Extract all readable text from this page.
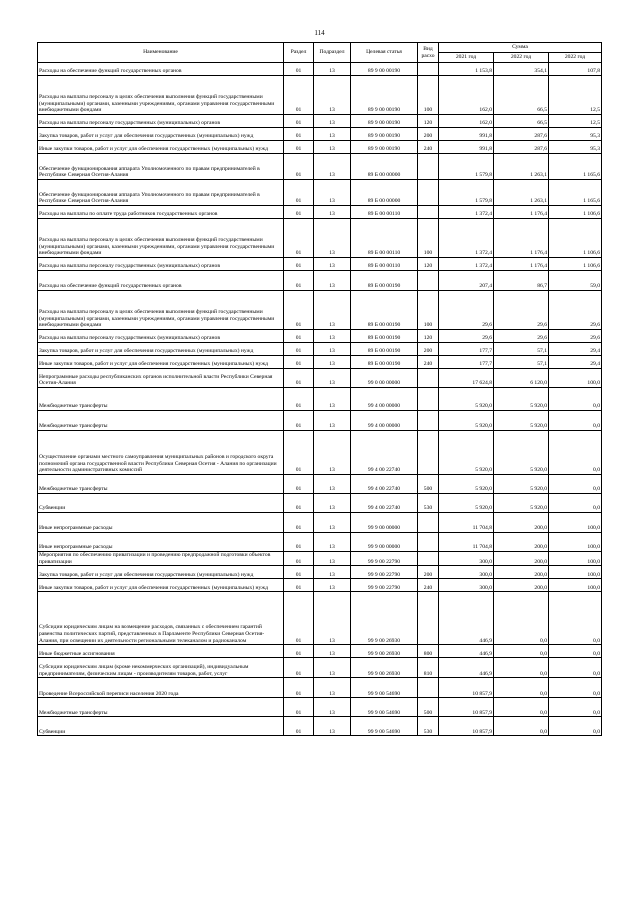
114
Наименование	Раздел	Подраздел	Целевая статья	Вид расхо	Сумма		
					2021 год	2022 год	2022 год
Расходы на обеспечение функций государственных органов	01	13	89 9 00 00190		1 153,8	354,1	107,8
Расходы на выплаты персоналу в целях обеспечения выполнения функций государственными (муниципальными) органами, казенными учреждениями, органами управления государственными внебюджетными фондами	01	13	89 9 00 00190	100	162,0	66,5	12,5
Расходы на выплаты персоналу государственных (муниципальных) органов	01	13	89 9 00 00190	120	162,0	66,5	12,5
Закупка товаров, работ и услуг для обеспечения государственных (муниципальных) нужд	01	13	89 9 00 00190	200	991,8	287,6	95,3
Иные закупки товаров, работ и услуг для обеспечения государственных (муниципальных) нужд	01	13	89 9 00 00190	240	991,8	287,6	95,3
Обеспечение функционирования аппарата Уполномоченного по правам предпринимателей в Республике Северная Осетия-Алания	01	13	89 Б 00 00000		1 579,8	1 263,1	1 165,6
Обеспечение функционирования аппарата Уполномоченного по правам предпринимателей в Республике Северная Осетия-Алания	01	13	89 Б 00 00000		1 579,8	1 263,1	1 165,6
Расходы на выплаты по оплате труда работников государственных органов	01	13	89 Б 00 00110		1 372,4	1 176,4	1 106,6
Расходы на выплаты персоналу в целях обеспечения выполнения функций государственными (муниципальными) органами, казенными учреждениями, органами управления государственными внебюджетными фондами	01	13	89 Б 00 00110	100	1 372,4	1 176,4	1 106,6
Расходы на выплаты персоналу государственных (муниципальных) органов	01	13	89 Б 00 00110	120	1 372,4	1 176,4	1 106,6
Расходы на обеспечение функций государственных органов	01	13	89 Б 00 00190		207,4	86,7	59,0
Расходы на выплаты персоналу в целях обеспечения выполнения функций государственными (муниципальными) органами, казенными учреждениями, органами управления государственными внебюджетными фондами	01	13	89 Б 00 00190	100	29,6	29,6	29,6
Расходы на выплаты персоналу государственных (муниципальных) органов	01	13	89 Б 00 00190	120	29,6	29,6	29,6
Закупка товаров, работ и услуг для обеспечения государственных (муниципальных) нужд	01	13	89 Б 00 00190	200	177,7	57,1	29,4
Иные закупки товаров, работ и услуг для обеспечения государственных (муниципальных) нужд	01	13	89 Б 00 00190	240	177,7	57,1	29,4
Непрограммные расходы республиканских органов исполнительной власти Республики Северная Осетия-Алания	01	13	99 0 00 00000		17 624,8	6 120,0	100,0
Межбюджетные трансферты	01	13	99 4 00 00000		5 920,0	5 920,0	0,0
Межбюджетные трансферты	01	13	99 4 00 00000		5 920,0	5 920,0	0,0
Осуществление органами местного самоуправления муниципальных районов и городского округа полномочий органа государственной власти Республики Северная Осетия - Алания по организации деятельности административных комиссий	01	13	99 4 00 22740		5 920,0	5 920,0	0,0
Межбюджетные трансферты	01	13	99 4 00 22740	500	5 920,0	5 920,0	0,0
Субвенции	01	13	99 4 00 22740	530	5 920,0	5 920,0	0,0
Иные непрограммные расходы	01	13	99 9 00 00000		11 704,8	200,0	100,0
Иные непрограммные расходы	01	13	99 9 00 00000		11 704,8	200,0	100,0
Мероприятия по обеспечению приватизации и проведению предпродажной подготовки объектов приватизации	01	13	99 9 00 22790		300,0	200,0	100,0
Закупка товаров, работ и услуг для обеспечения государственных (муниципальных) нужд	01	13	99 9 00 22790	200	300,0	200,0	100,0
Иные закупки товаров, работ и услуг для обеспечения государственных (муниципальных) нужд	01	13	99 9 00 22790	240	300,0	200,0	100,0
Субсидии юридическим лицам на возмещение расходов, связанных с обеспечением гарантий равенства политических партий, представленных в Парламенте Республики Северная Осетия-Алания, при освещении их деятельности региональными телеканалом и радиоканалом	01	13	99 9 00 26930		446,9	0,0	0,0
Иные бюджетные ассигнования	01	13	99 9 00 26930	800	446,9	0,0	0,0
Субсидии юридическим лицам (кроме некоммерческих организаций), индивидуальным предпринимателям, физическим лицам - производителям товаров, работ, услуг	01	13	99 9 00 26930	810	446,9	0,0	0,0
Проведение Всероссийской переписи населения 2020 года	01	13	99 9 00 54690		10 857,9	0,0	0,0
Межбюджетные трансферты	01	13	99 9 00 54690	500	10 857,9	0,0	0,0
Субвенции	01	13	99 9 00 54690	530	10 857,9	0,0	0,0
